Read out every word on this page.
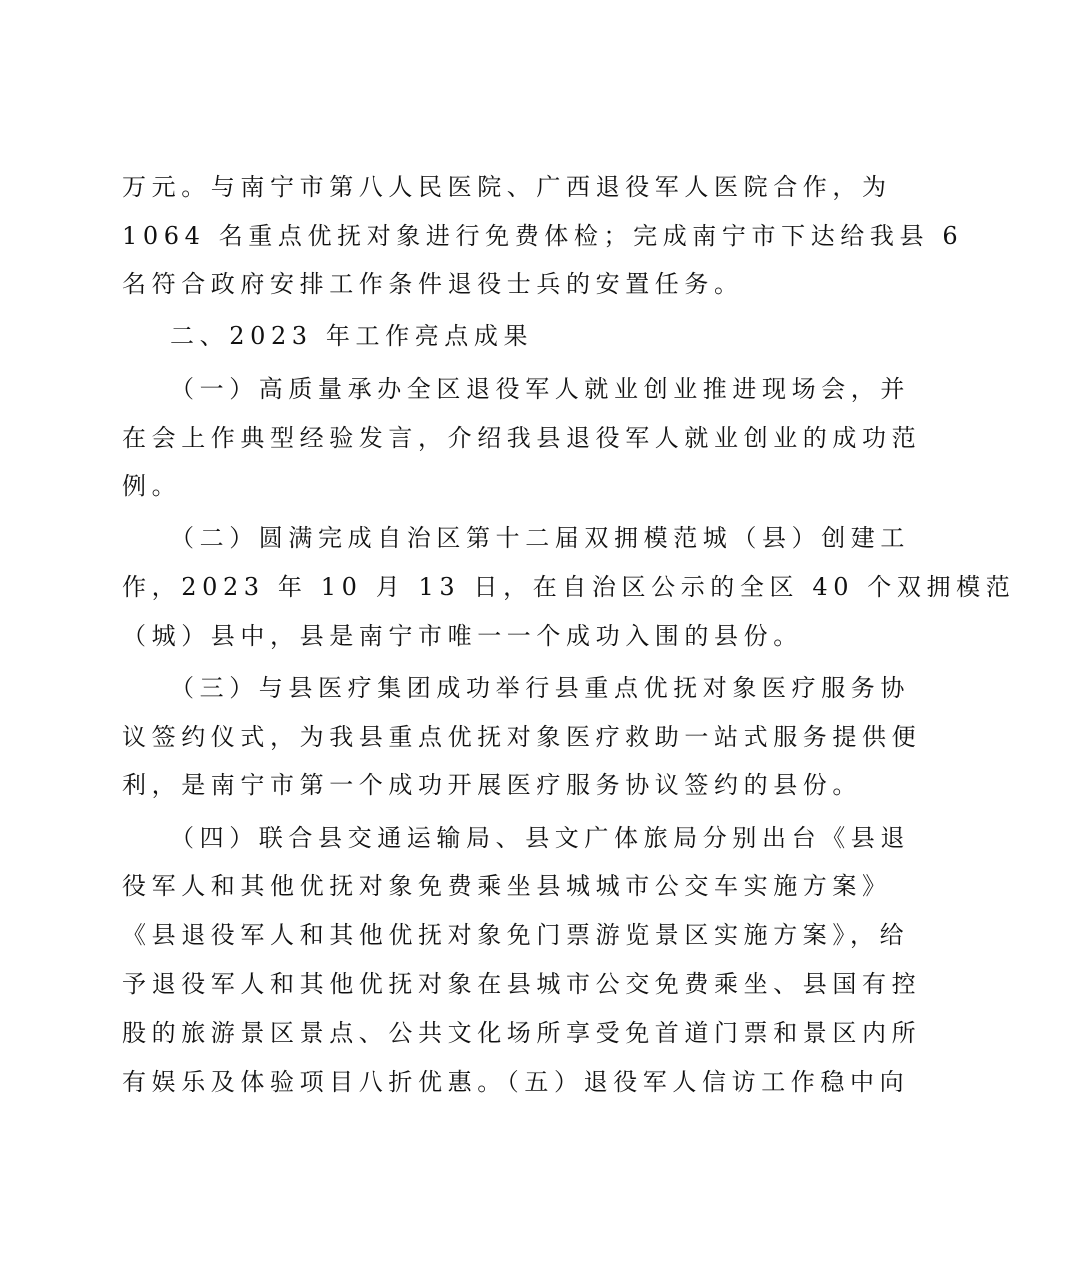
万元。与南宁市第八人民医院、广西退役军人医院合作，为
1064 名重点优抚对象进行免费体检；完成南宁市下达给我县 6
名符合政府安排工作条件退役士兵的安置任务。
二、2023 年工作亮点成果
（一）高质量承办全区退役军人就业创业推进现场会，并
在会上作典型经验发言，介绍我县退役军人就业创业的成功范
例。
（二）圆满完成自治区第十二届双拥模范城（县）创建工
作，2023 年 10 月 13 日，在自治区公示的全区 40 个双拥模范
（城）县中，县是南宁市唯一一个成功入围的县份。
（三）与县医疗集团成功举行县重点优抚对象医疗服务协
议签约仪式，为我县重点优抚对象医疗救助一站式服务提供便
利，是南宁市第一个成功开展医疗服务协议签约的县份。
（四）联合县交通运输局、县文广体旅局分别出台《县退
役军人和其他优抚对象免费乘坐县城城市公交车实施方案》
《县退役军人和其他优抚对象免门票游览景区实施方案》，给
予退役军人和其他优抚对象在县城市公交免费乘坐、县国有控
股的旅游景区景点、公共文化场所享受免首道门票和景区内所
有娱乐及体验项目八折优惠。（五）退役军人信访工作稳中向
